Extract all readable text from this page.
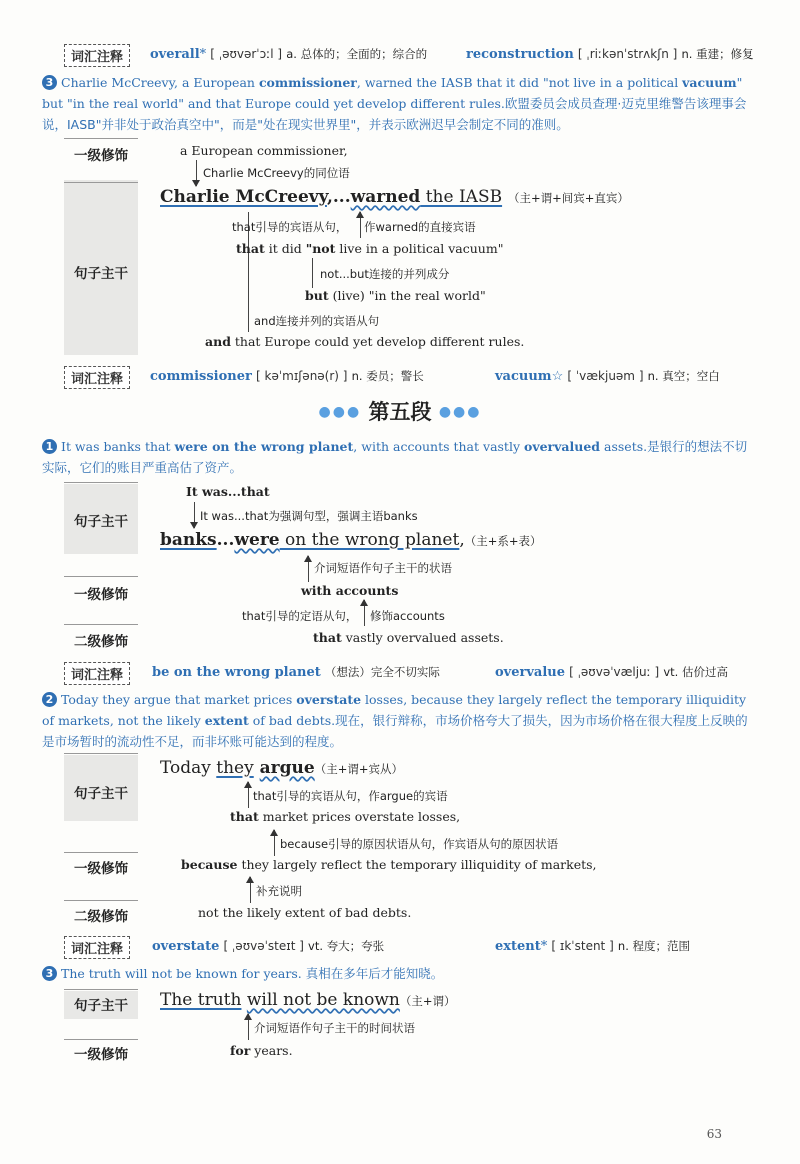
词汇注释	overall* [ ˌəʊvərˈɔːl ] a. 总体的；全面的；综合的	reconstruction [ ˌriːkənˈstrʌkʃn ] n. 重建；修复
3 Charlie McCreevy, a European commissioner, warned the IASB that it did "not live in a political vacuum" but "in the real world" and that Europe could yet develop different rules.欧盟委员会成员查理·迈克里维警告该理事会说，IASB"并非处于政治真空中"，而是"处在现实世界里"，并表示欧洲迟早会制定不同的准则。
一级修饰
句子主干
a European commissioner,
Charlie McCreevy的同位语
Charlie McCreevy,...warned the IASB （主+谓+间宾+直宾）
that引导的宾语从句， 作warned的直接宾语
that it did "not live in a political vacuum"
not...but连接的并列成分
but (live) "in the real world"
and连接并列的宾语从句
and that Europe could yet develop different rules.
词汇注释	commissioner [ kəˈmɪʃənə(r) ] n. 委员；警长	vacuum☆ [ ˈvækjuəm ] n. 真空；空白
●●● 第五段 ●●●
1 It was banks that were on the wrong planet, with accounts that vastly overvalued assets.是银行的想法不切实际，它们的账目严重高估了资产。
句子主干
一级修饰
二级修饰
It was...that
It was...that为强调句型，强调主语banks
banks...were on the wrong planet,（主+系+表）
介词短语作句子主干的状语
with accounts
that引导的定语从句， 修饰accounts
that vastly overvalued assets.
词汇注释	be on the wrong planet （想法）完全不切实际	overvalue [ ˌəʊvəˈvæljuː ] vt. 估价过高
2 Today they argue that market prices overstate losses, because they largely reflect the temporary illiquidity of markets, not the likely extent of bad debts.现在，银行辩称，市场价格夸大了损失，因为市场价格在很大程度上反映的是市场暂时的流动性不足，而非坏账可能达到的程度。
句子主干
一级修饰
二级修饰
Today they argue（主+谓+宾从）
that引导的宾语从句，作argue的宾语
that market prices overstate losses,
because引导的原因状语从句，作宾语从句的原因状语
because they largely reflect the temporary illiquidity of markets,
补充说明
not the likely extent of bad debts.
词汇注释	overstate [ ˌəʊvəˈsteɪt ] vt. 夸大；夸张	extent* [ ɪkˈstent ] n. 程度；范围
3 The truth will not be known for years. 真相在多年后才能知晓。
句子主干
一级修饰
The truth will not be known（主+谓）
介词短语作句子主干的时间状语
for years.
63
